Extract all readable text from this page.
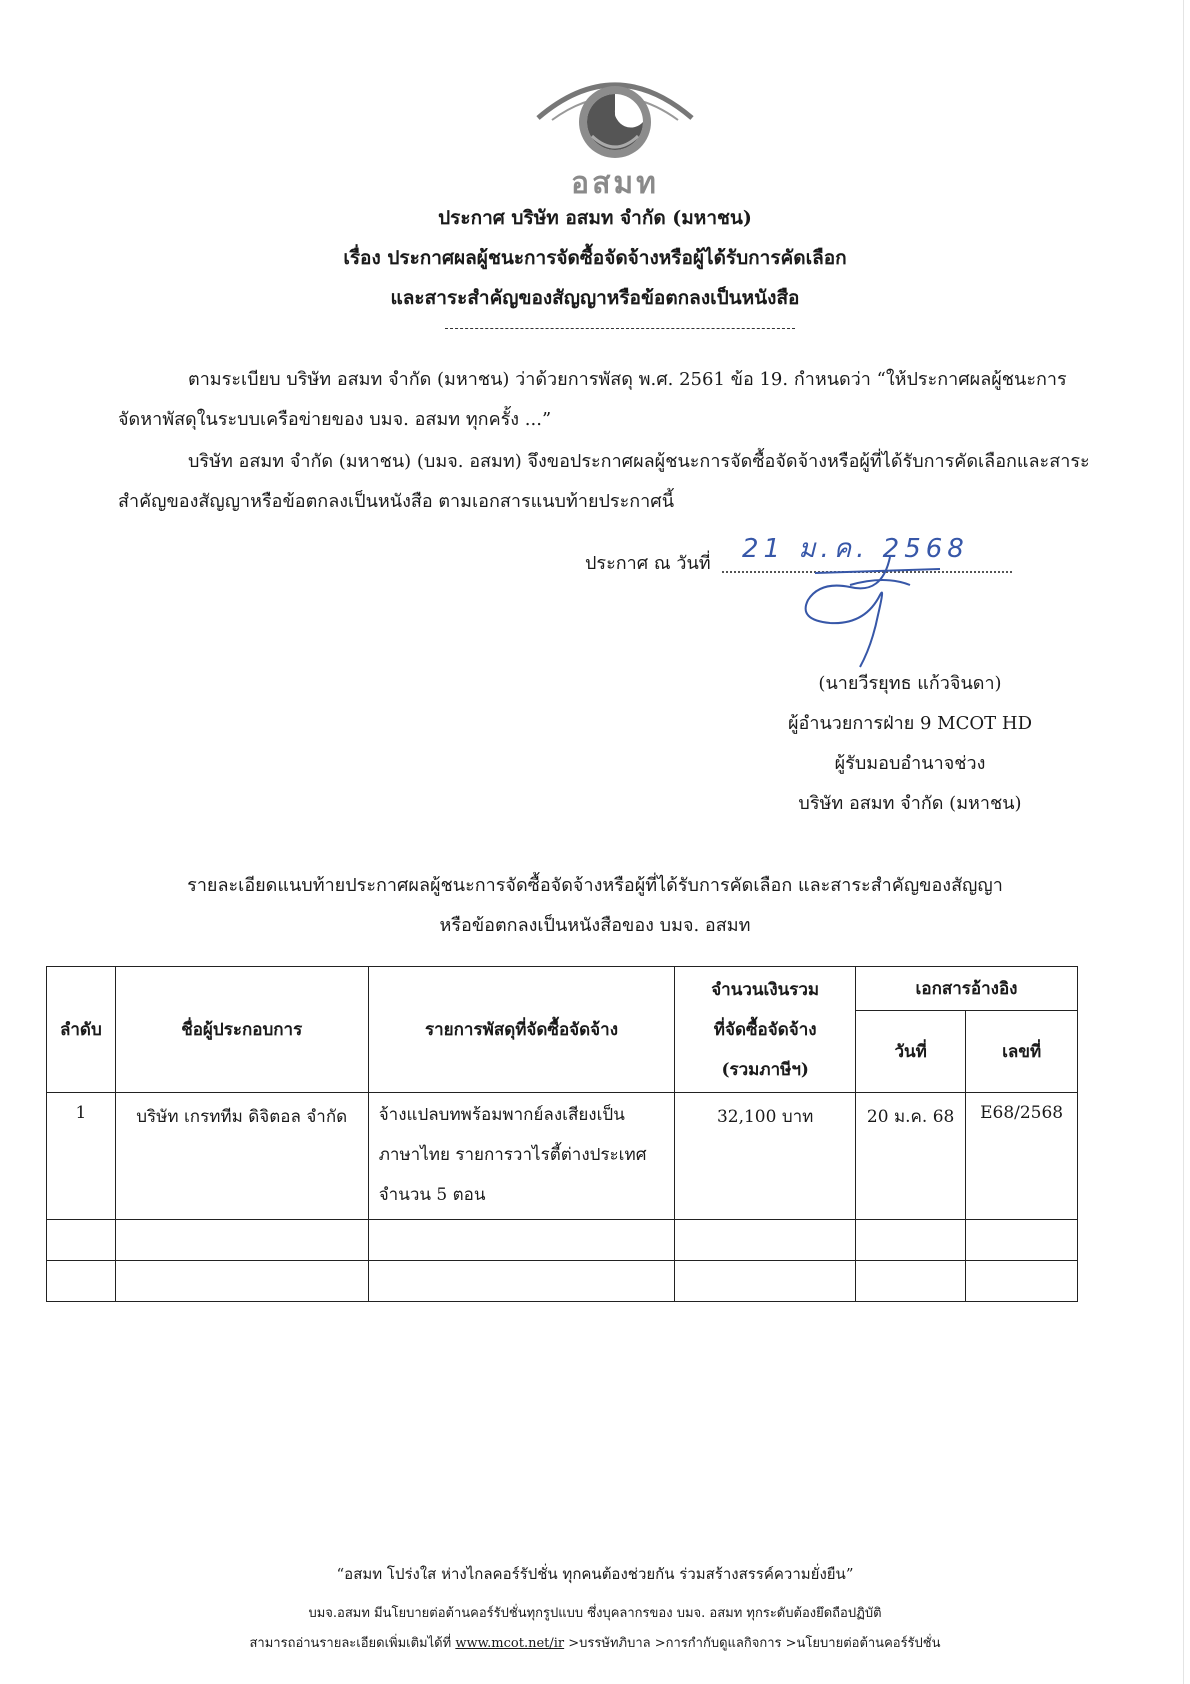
อสมท
ประกาศ บริษัท อสมท จำกัด (มหาชน)
เรื่อง ประกาศผลผู้ชนะการจัดซื้อจัดจ้างหรือผู้ได้รับการคัดเลือก
และสาระสำคัญของสัญญาหรือข้อตกลงเป็นหนังสือ
ตามระเบียบ บริษัท อสมท จำกัด (มหาชน) ว่าด้วยการพัสดุ พ.ศ. 2561 ข้อ 19. กำหนดว่า “ให้ประกาศผลผู้ชนะการจัดหาพัสดุในระบบเครือข่ายของ บมจ. อสมท ทุกครั้ง ...”
บริษัท อสมท จำกัด (มหาชน) (บมจ. อสมท) จึงขอประกาศผลผู้ชนะการจัดซื้อจัดจ้างหรือผู้ที่ได้รับการคัดเลือกและสาระสำคัญของสัญญาหรือข้อตกลงเป็นหนังสือ ตามเอกสารแนบท้ายประกาศนี้
ประกาศ ณ วันที่ 21 ม.ค. 2568
(นายวีรยุทธ แก้วจินดา)
ผู้อำนวยการฝ่าย 9 MCOT HD
ผู้รับมอบอำนาจช่วง
บริษัท อสมท จำกัด (มหาชน)
รายละเอียดแนบท้ายประกาศผลผู้ชนะการจัดซื้อจัดจ้างหรือผู้ที่ได้รับการคัดเลือก และสาระสำคัญของสัญญา
หรือข้อตกลงเป็นหนังสือของ บมจ. อสมท
ลำดับ	ชื่อผู้ประกอบการ	รายการพัสดุที่จัดซื้อจัดจ้าง	จำนวนเงินรวม
ที่จัดซื้อจัดจ้าง
(รวมภาษีฯ)	เอกสารอ้างอิง	
				วันที่	เลขที่
1	บริษัท เกรททีม ดิจิตอล จำกัด	จ้างแปลบทพร้อมพากย์ลงเสียงเป็น
ภาษาไทย รายการวาไรตี้ต่างประเทศ
จำนวน 5 ตอน	32,100 บาท	20 ม.ค. 68	E68/2568

“อสมท โปร่งใส ห่างไกลคอร์รัปชั่น ทุกคนต้องช่วยกัน ร่วมสร้างสรรค์ความยั่งยืน”
บมจ.อสมท มีนโยบายต่อต้านคอร์รัปชั่นทุกรูปแบบ ซึ่งบุคลากรของ บมจ. อสมท ทุกระดับต้องยึดถือปฏิบัติ
สามารถอ่านรายละเอียดเพิ่มเติมได้ที่ www.mcot.net/ir >บรรษัทภิบาล >การกำกับดูแลกิจการ >นโยบายต่อต้านคอร์รัปชั่น
